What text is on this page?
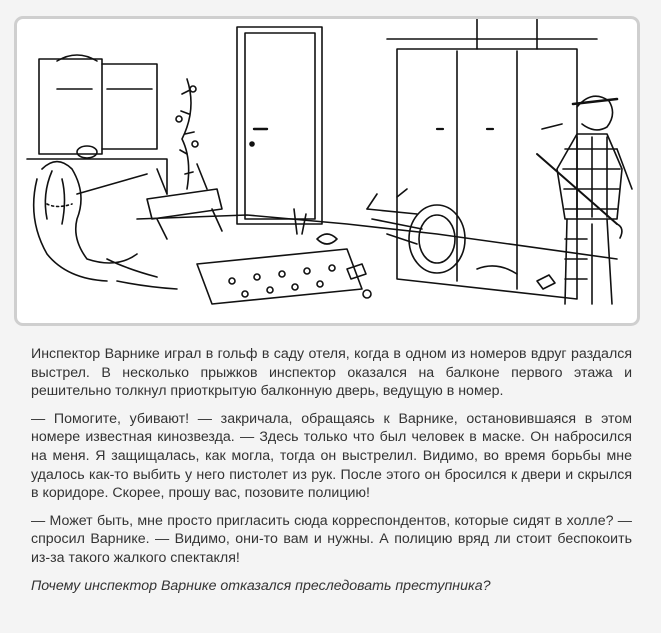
Инспектор Варнике играл в гольф в саду отеля, когда в одном из номеров вдруг раздался выстрел. В несколько прыжков инспектор оказался на балконе первого этажа и решительно толкнул приоткрытую балконную дверь, ведущую в номер.

— Помогите, убивают! — закричала, обращаясь к Варнике, остановившаяся в этом номере известная кинозвезда. — Здесь только что был человек в маске. Он набросился на меня. Я защищалась, как могла, тогда он выстрелил. Видимо, во время борьбы мне удалось как-то выбить у него пистолет из рук. После этого он бросился к двери и скрылся в коридоре. Скорее, прошу вас, позовите полицию!

— Может быть, мне просто пригласить сюда корреспондентов, которые сидят в холле? — спросил Варнике. — Видимо, они-то вам и нужны. А полицию вряд ли стоит беспокоить из-за такого жалкого спектакля!

Почему инспектор Варнике отказался преследовать преступника?
